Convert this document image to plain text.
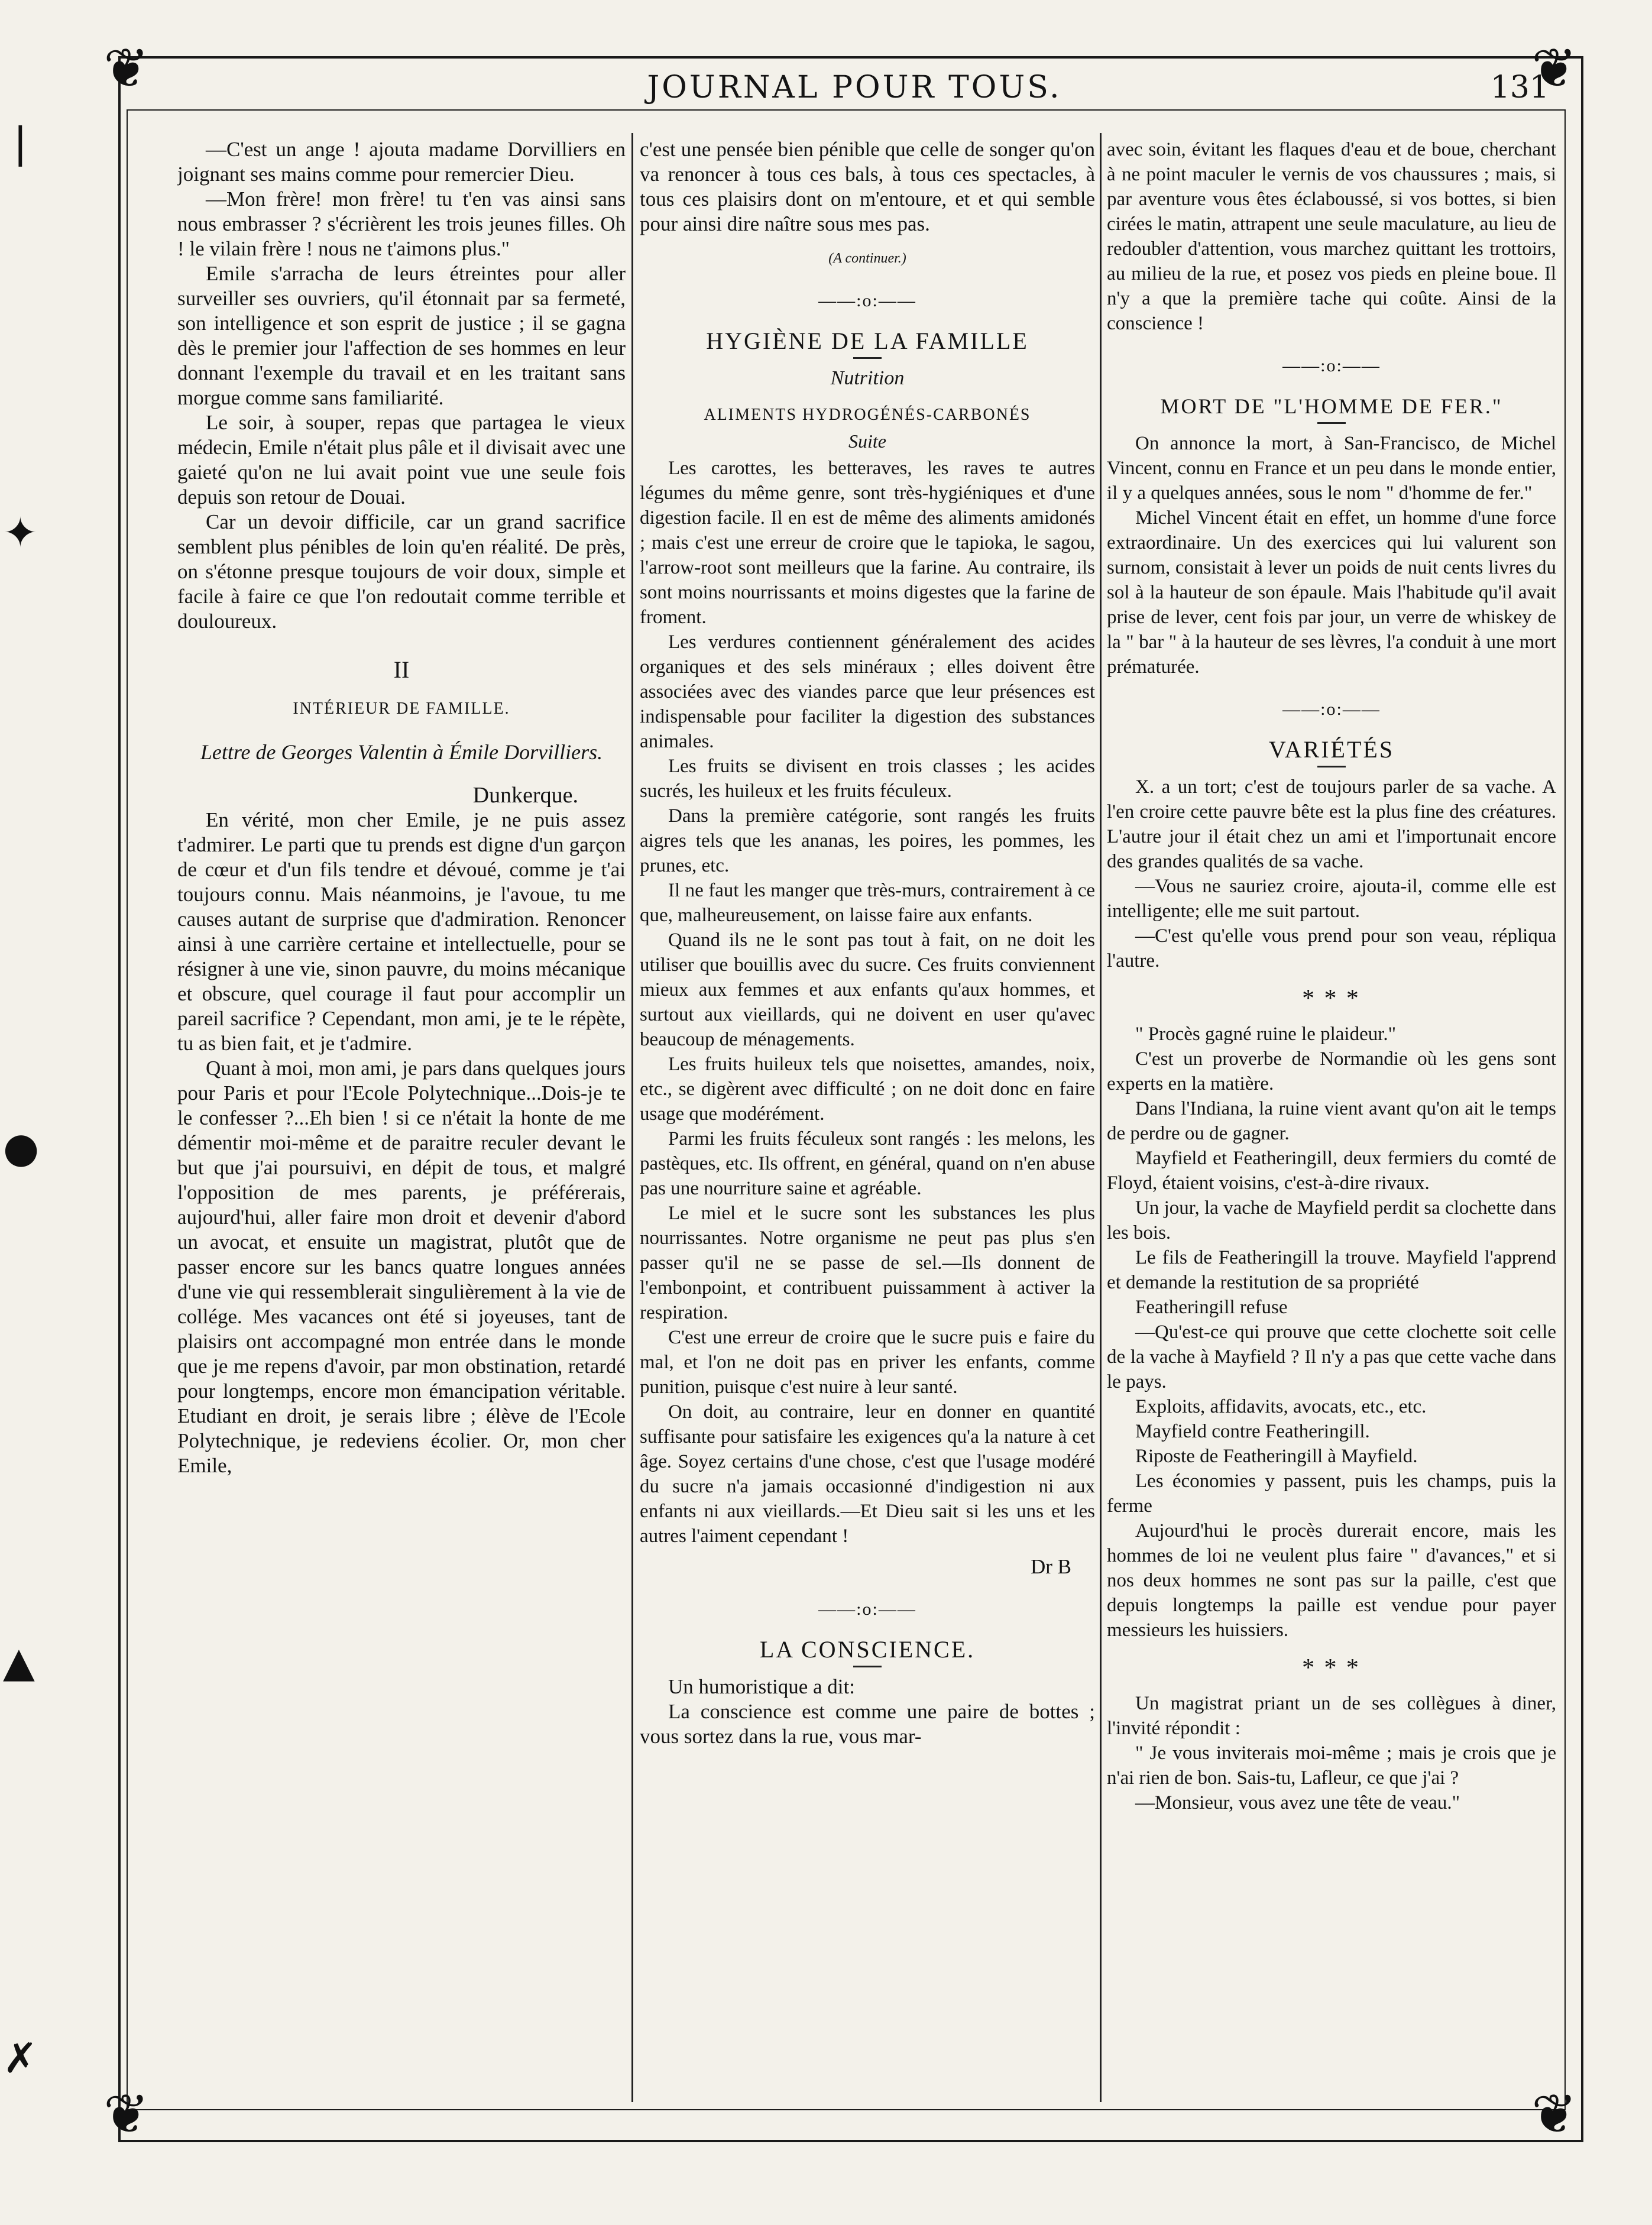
❦	❦
❦	❦
❘
✦
●
▲
✗
JOURNAL POUR TOUS.	131

—C'est un ange ! ajouta madame Dorvilliers en joignant ses mains comme pour remercier Dieu.

—Mon frère! mon frère! tu t'en vas ainsi sans nous embrasser ? s'écrièrent les trois jeunes filles. Oh ! le vilain frère ! nous ne t'aimons plus."

Emile s'arracha de leurs étreintes pour aller surveiller ses ouvriers, qu'il étonnait par sa fermeté, son intelligence et son esprit de justice ; il se gagna dès le premier jour l'affection de ses hommes en leur donnant l'exemple du travail et en les traitant sans morgue comme sans familiarité.

Le soir, à souper, repas que partagea le vieux médecin, Emile n'était plus pâle et il divisait avec une gaieté qu'on ne lui avait point vue une seule fois depuis son retour de Douai.

Car un devoir difficile, car un grand sacrifice semblent plus pénibles de loin qu'en réalité. De près, on s'étonne presque toujours de voir doux, simple et facile à faire ce que l'on redoutait comme terrible et douloureux.

II
INTÉRIEUR DE FAMILLE.
Lettre de Georges Valentin à Émile Dorvilliers.
Dunkerque.

En vérité, mon cher Emile, je ne puis assez t'admirer. Le parti que tu prends est digne d'un garçon de cœur et d'un fils tendre et dévoué, comme je t'ai toujours connu. Mais néanmoins, je l'avoue, tu me causes autant de surprise que d'admiration. Renoncer ainsi à une carrière certaine et intellectuelle, pour se résigner à une vie, sinon pauvre, du moins mécanique et obscure, quel courage il faut pour accomplir un pareil sacrifice ? Cependant, mon ami, je te le répète, tu as bien fait, et je t'admire.

Quant à moi, mon ami, je pars dans quelques jours pour Paris et pour l'Ecole Polytechnique...Dois-je te le confesser ?...Eh bien ! si ce n'était la honte de me démentir moi-même et de paraitre reculer devant le but que j'ai poursuivi, en dépit de tous, et malgré l'opposition de mes parents, je préférerais, aujourd'hui, aller faire mon droit et devenir d'abord un avocat, et ensuite un magistrat, plutôt que de passer encore sur les bancs quatre longues années d'une vie qui ressemblerait singulièrement à la vie de collége. Mes vacances ont été si joyeuses, tant de plaisirs ont accompagné mon entrée dans le monde que je me repens d'avoir, par mon obstination, retardé pour longtemps, encore mon émancipation véritable. Etudiant en droit, je serais libre ; élève de l'Ecole Polytechnique, je redeviens écolier. Or, mon cher Emile,

c'est une pensée bien pénible que celle de songer qu'on va renoncer à tous ces bals, à tous ces spectacles, à tous ces plaisirs dont on m'entoure, et et qui semble pour ainsi dire naître sous mes pas.

(A continuer.)
——:o:——
HYGIÈNE DE LA FAMILLE
Nutrition
ALIMENTS HYDROGÉNÉS-CARBONÉS
Suite

Les carottes, les betteraves, les raves te autres légumes du même genre, sont très-hygiéniques et d'une digestion facile. Il en est de même des aliments amidonés ; mais c'est une erreur de croire que le tapioka, le sagou, l'arrow-root sont meilleurs que la farine. Au contraire, ils sont moins nourrissants et moins digestes que la farine de froment.

Les verdures contiennent généralement des acides organiques et des sels minéraux ; elles doivent être associées avec des viandes parce que leur présences est indispensable pour faciliter la digestion des substances animales.

Les fruits se divisent en trois classes ; les acides sucrés, les huileux et les fruits féculeux.

Dans la première catégorie, sont rangés les fruits aigres tels que les ananas, les poires, les pommes, les prunes, etc.

Il ne faut les manger que très-murs, contrairement à ce que, malheureusement, on laisse faire aux enfants.

Quand ils ne le sont pas tout à fait, on ne doit les utiliser que bouillis avec du sucre. Ces fruits conviennent mieux aux femmes et aux enfants qu'aux hommes, et surtout aux vieillards, qui ne doivent en user qu'avec beaucoup de ménagements.

Les fruits huileux tels que noisettes, amandes, noix, etc., se digèrent avec difficulté ; on ne doit donc en faire usage que modérément.

Parmi les fruits féculeux sont rangés : les melons, les pastèques, etc. Ils offrent, en général, quand on n'en abuse pas une nourriture saine et agréable.

Le miel et le sucre sont les substances les plus nourrissantes. Notre organisme ne peut pas plus s'en passer qu'il ne se passe de sel.—Ils donnent de l'embonpoint, et contribuent puissamment à activer la respiration.

C'est une erreur de croire que le sucre puis e faire du mal, et l'on ne doit pas en priver les enfants, comme punition, puisque c'est nuire à leur santé.

On doit, au contraire, leur en donner en quantité suffisante pour satisfaire les exigences qu'a la nature à cet âge. Soyez certains d'une chose, c'est que l'usage modéré du sucre n'a jamais occasionné d'indigestion ni aux enfants ni aux vieillards.—Et Dieu sait si les uns et les autres l'aiment cependant !

Dr B
——:o:——
LA CONSCIENCE.

Un humoristique a dit:

La conscience est comme une paire de bottes ; vous sortez dans la rue, vous mar-

avec soin, évitant les flaques d'eau et de boue, cherchant à ne point maculer le vernis de vos chaussures ; mais, si par aventure vous êtes éclaboussé, si vos bottes, si bien cirées le matin, attrapent une seule maculature, au lieu de redoubler d'attention, vous marchez quittant les trottoirs, au milieu de la rue, et posez vos pieds en pleine boue. Il n'y a que la première tache qui coûte. Ainsi de la conscience !

——:o:——
MORT DE "L'HOMME DE FER."

On annonce la mort, à San-Francisco, de Michel Vincent, connu en France et un peu dans le monde entier, il y a quelques années, sous le nom " d'homme de fer."

Michel Vincent était en effet, un homme d'une force extraordinaire. Un des exercices qui lui valurent son surnom, consistait à lever un poids de nuit cents livres du sol à la hauteur de son épaule. Mais l'habitude qu'il avait prise de lever, cent fois par jour, un verre de whiskey de la " bar " à la hauteur de ses lèvres, l'a conduit à une mort prématurée.

——:o:——
VARIÉTÉS

X. a un tort; c'est de toujours parler de sa vache. A l'en croire cette pauvre bête est la plus fine des créatures. L'autre jour il était chez un ami et l'importunait encore des grandes qualités de sa vache.

—Vous ne sauriez croire, ajouta-il, comme elle est intelligente; elle me suit partout.

—C'est qu'elle vous prend pour son veau, répliqua l'autre.

* * *

" Procès gagné ruine le plaideur."

C'est un proverbe de Normandie où les gens sont experts en la matière.

Dans l'Indiana, la ruine vient avant qu'on ait le temps de perdre ou de gagner.

Mayfield et Featheringill, deux fermiers du comté de Floyd, étaient voisins, c'est-à-dire rivaux.

Un jour, la vache de Mayfield perdit sa clochette dans les bois.

Le fils de Featheringill la trouve. Mayfield l'apprend et demande la restitution de sa propriété

Featheringill refuse

—Qu'est-ce qui prouve que cette clochette soit celle de la vache à Mayfield ? Il n'y a pas que cette vache dans le pays.

Exploits, affidavits, avocats, etc., etc.

Mayfield contre Featheringill.

Riposte de Featheringill à Mayfield.

Les économies y passent, puis les champs, puis la ferme

Aujourd'hui le procès durerait encore, mais les hommes de loi ne veulent plus faire " d'avances," et si nos deux hommes ne sont pas sur la paille, c'est que depuis longtemps la paille est vendue pour payer messieurs les huissiers.

* * *

Un magistrat priant un de ses collègues à diner, l'invité répondit :

" Je vous inviterais moi-même ; mais je crois que je n'ai rien de bon. Sais-tu, Lafleur, ce que j'ai ?

—Monsieur, vous avez une tête de veau."
